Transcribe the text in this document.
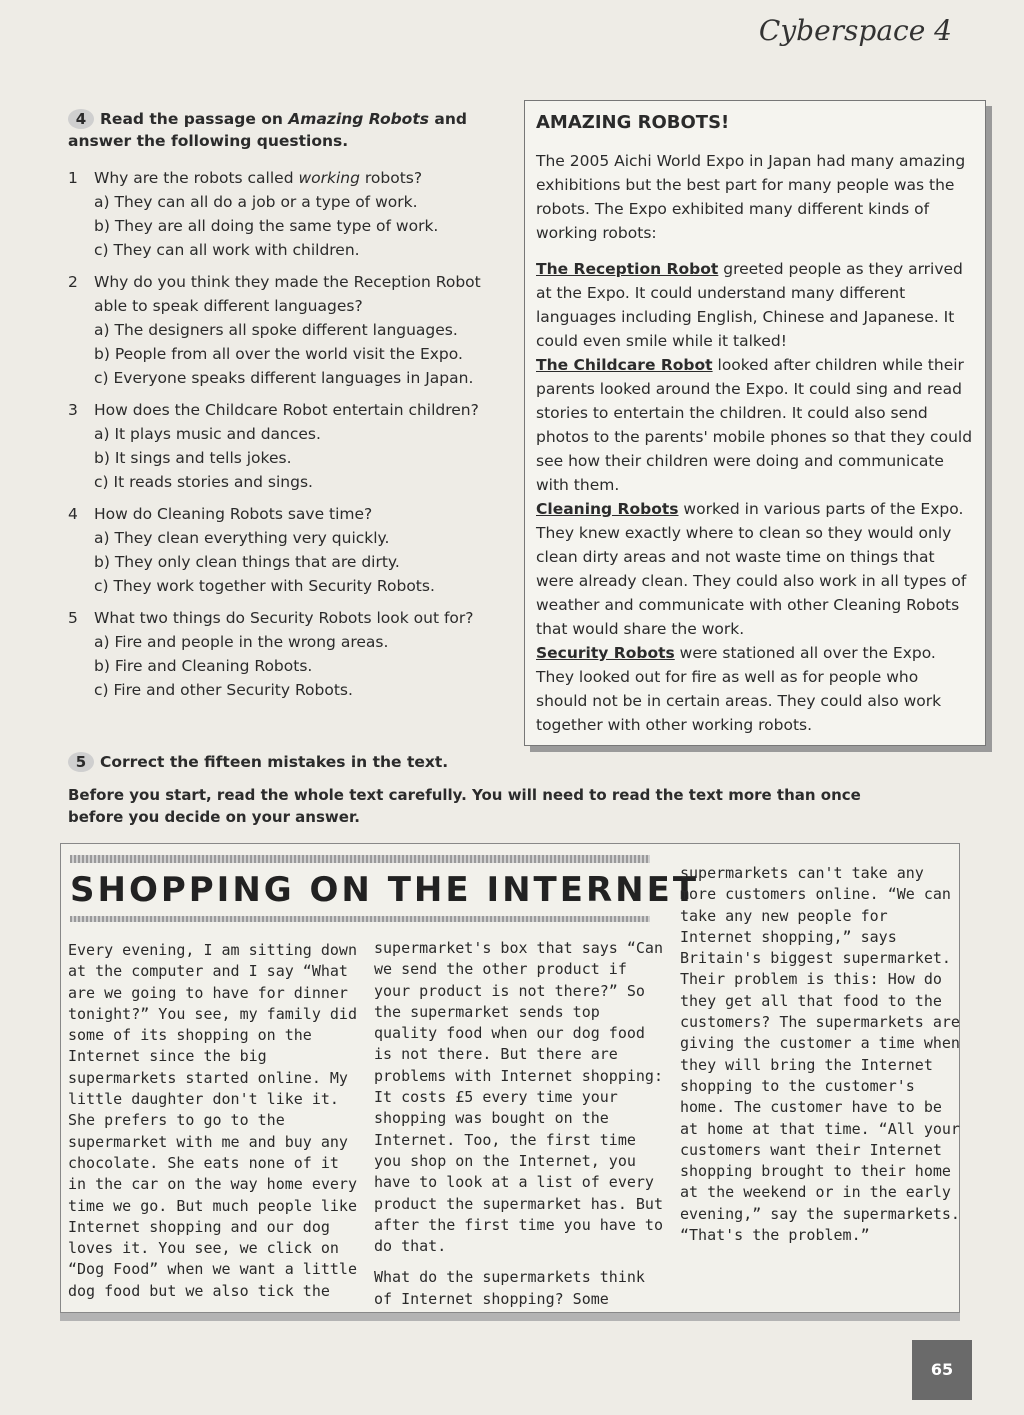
​	Cyberspace 4
4 Read the passage on Amazing Robots and answer the following questions.
1	Why are the robots called working robots?
a) They can all do a job or a type of work.
b) They are all doing the same type of work.
c) They can all work with children.
2	Why do you think they made the Reception Robot able to speak different languages?
a) The designers all spoke different languages.
b) People from all over the world visit the Expo.
c) Everyone speaks different languages in Japan.
3	How does the Childcare Robot entertain children?
a) It plays music and dances.
b) It sings and tells jokes.
c) It reads stories and sings.
4	How do Cleaning Robots save time?
a) They clean everything very quickly.
b) They only clean things that are dirty.
c) They work together with Security Robots.
5	What two things do Security Robots look out for?
a) Fire and people in the wrong areas.
b) Fire and Cleaning Robots.
c) Fire and other Security Robots.
AMAZING ROBOTS!

The 2005 Aichi World Expo in Japan had many amazing exhibitions but the best part for many people was the robots. The Expo exhibited many different kinds of working robots:

The Reception Robot greeted people as they arrived at the Expo. It could understand many different languages including English, Chinese and Japanese. It could even smile while it talked!

The Childcare Robot looked after children while their parents looked around the Expo. It could sing and read stories to entertain the children. It could also send photos to the parents' mobile phones so that they could see how their children were doing and communicate with them.

Cleaning Robots worked in various parts of the Expo. They knew exactly where to clean so they would only clean dirty areas and not waste time on things that were already clean. They could also work in all types of weather and communicate with other Cleaning Robots that would share the work.

Security Robots were stationed all over the Expo. They looked out for fire as well as for people who should not be in certain areas. They could also work together with other working robots.

5 Correct the fifteen mistakes in the text.
Before you start, read the whole text carefully. You will need to read the text more than once before you decide on your answer.
SHOPPING ON THE INTERNET

Every evening, I am sitting down at the computer and I say “What are we going to have for dinner tonight?” You see, my family did some of its shopping on the Internet since the big supermarkets started online. My little daughter don't like it. She prefers to go to the supermarket with me and buy any chocolate. She eats none of it in the car on the way home every time we go. But much people like Internet shopping and our dog loves it. You see, we click on “Dog Food” when we want a little dog food but we also tick the

supermarket's box that says “Can we send the other product if your product is not there?” So the supermarket sends top quality food when our dog food is not there. But there are problems with Internet shopping: It costs £5 every time your shopping was bought on the Internet. Too, the first time you shop on the Internet, you have to look at a list of every product the supermarket has. But after the first time you have to do that.

What do the supermarkets think of Internet shopping? Some

supermarkets can't take any more customers online. “We can take any new people for Internet shopping,” says Britain's biggest supermarket. Their problem is this: How do they get all that food to the customers? The supermarkets are giving the customer a time when they will bring the Internet shopping to the customer's home. The customer have to be at home at that time. “All your customers want their Internet shopping brought to their home at the weekend or in the early evening,” say the supermarkets. “That's the problem.”

65
